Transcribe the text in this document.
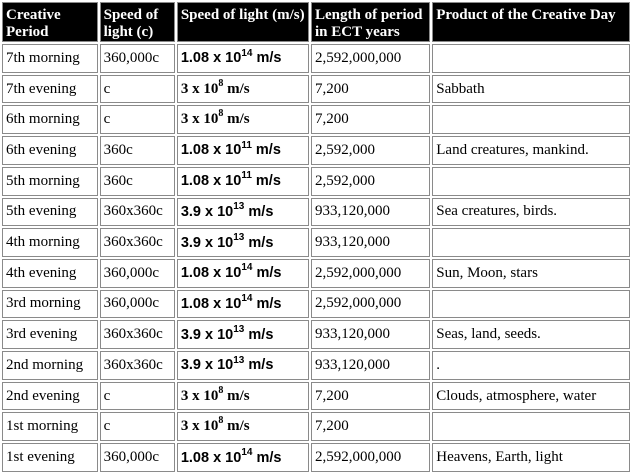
Creative Period	Speed of light (c)	Speed of light (m/s)	Length of period in ECT years	Product of the Creative Day
7th morning	360,000c	1.08 x $10^{14}$ m/s	2,592,000,000	
7th evening	c	3 x $10^8$ m/s	7,200	Sabbath
6th morning	c	3 x $10^8$ m/s	7,200	
6th evening	360c	1.08 x $10^{11}$ m/s	2,592,000	Land creatures, mankind.
5th morning	360c	1.08 x $10^{11}$ m/s	2,592,000	
5th evening	360x360c	3.9 x $10^{13}$ m/s	933,120,000	Sea creatures, birds.
4th morning	360x360c	3.9 x $10^{13}$ m/s	933,120,000	
4th evening	360,000c	1.08 x $10^{14}$ m/s	2,592,000,000	Sun, Moon, stars
3rd morning	360,000c	1.08 x $10^{14}$ m/s	2,592,000,000	
3rd evening	360x360c	3.9 x $10^{13}$ m/s	933,120,000	Seas, land, seeds.
2nd morning	360x360c	3.9 x $10^{13}$ m/s	933,120,000	.
2nd evening	c	3 x $10^8$ m/s	7,200	Clouds, atmosphere, water
1st morning	c	3 x $10^8$ m/s	7,200	
1st evening	360,000c	1.08 x $10^{14}$ m/s	2,592,000,000	Heavens, Earth, light
